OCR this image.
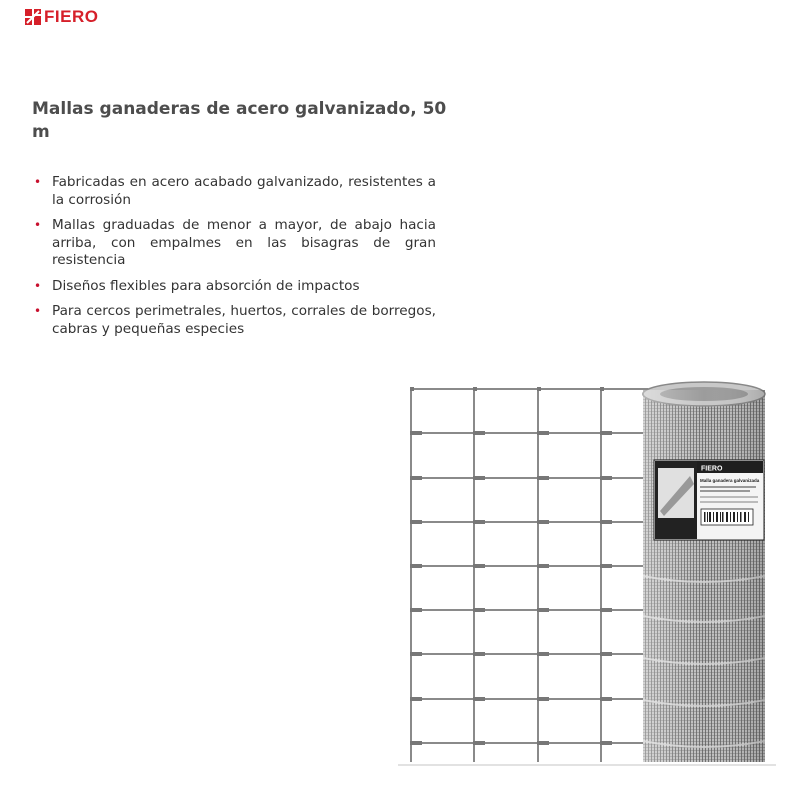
FIERO
Mallas ganaderas de acero galvanizado, 50 m
• Fabricadas en acero acabado galvanizado, resistentes a la corrosión
• Mallas graduadas de menor a mayor, de abajo hacia arriba, con empalmes en las bisagras de gran resistencia
• Diseños flexibles para absorción de impactos
• Para cercos perimetrales, huertos, corrales de borregos, cabras y pequeñas especies
FIERO
Malla ganadera galvanizada
